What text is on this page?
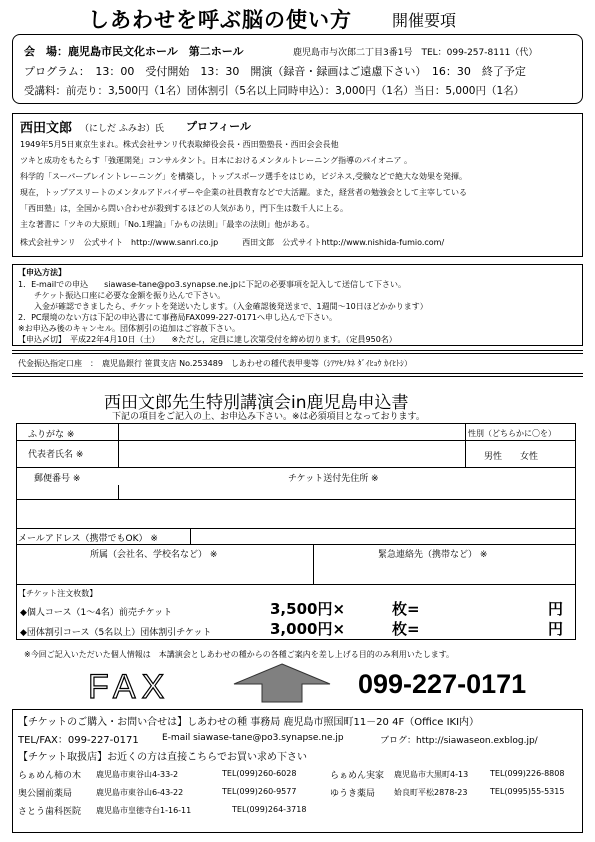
しあわせを呼ぶ脳の使い方	開催要項
会　場：鹿児島市民文化ホール　第二ホール	鹿児島市与次郎二丁目3番1号　TEL：099-257-8111（代）
プログラム：　13：00　受付開始　13：30　開演（録音・録画はご遠慮下さい）　16：30　終了予定
受講料：前売り：3,500円（1名）団体割引（5名以上同時申込）：3,000円（1名）当日：5,000円（1名）
西田文郎 （にしだ ふみお）氏 プロフィール
1949年5月5日東京生まれ。株式会社サンリ代表取締役会長・西田塾塾長・西田会会長他
ツキと成功をもたらす「強運開発」コンサルタント。日本におけるメンタルトレーニング指導のパイオニア 。
科学的「スーパーブレイントレーニング」を構築し，トップスポーツ選手をはじめ，ビジネス,受験などで絶大な効果を発揮。
現在，トップアスリートのメンタルアドバイザーや企業の社員教育などで大活躍。また，経営者の勉強会として主宰している
「西田塾」は，全国から問い合わせが殺到するほどの人気があり，門下生は数千人に上る。
主な著書に「ツキの大原則」「No.1理論」「かもの法則」「最幸の法則」他がある。
株式会社サンリ　公式サイト　http://www.sanri.co.jp　　　西田文郎　公式サイトhttp://www.nishida-fumio.com/
【申込方法】
1．E-mailでの申込　　siawase-tane@po3.synapse.ne.jpに下記の必要事項を記入して送信して下さい。
　　チケット振込口座に必要な金額を振り込んで下さい。
　　入金が確認できましたら、チケットを発送いたします。（入金確認後発送まで、1週間～10日ほどかかります）
2．PC環境のない方は下記の申込書にて事務局FAX099-227-0171へ申し込んで下さい。
※お申込み後のキャンセル。団体割引の追加はご容赦下さい。
【申込〆切】　平成22年4月10日（土）　　※ただし，定員に達し次第受付を締め切ります。（定員950名）
代金振込指定口座　：　鹿児島銀行 笹貫支店 No.253489　しあわせの種代表甲斐等（ｼｱﾜｾﾉﾀﾈ ﾀﾞｲﾋｮｳ ｶｲﾋﾄｼ）
西田文郎先生特別講演会in鹿児島申込書
下記の項目をご記入の上、お申込み下さい。※は必須項目となっております。
ふりがな ※	性別（どちらかに〇を）
代表者氏名 ※	男性 女性
郵便番号 ※	チケット送付先住所 ※
メールアドレス（携帯でもOK） ※
所属（会社名、学校名など） ※	緊急連絡先（携帯など） ※
【チケット注文枚数】
◆個人コース（1～4名）前売チケット	3,500円×	枚=	円
◆団体割引コース（5名以上）団体割引チケット	3,000円×	枚=	円
※今回ご記入いただいた個人情報は　本講演会としあわせの種からの各種ご案内を差し上げる目的のみ利用いたします。
FAX	099-227-0171
【チケットのご購入・お問い合せは】しあわせの種 事務局 鹿児島市照国町11－20 4F（Office IKI内）
TEL/FAX：099-227-0171	E-mail siawase-tane@po3.synapse.ne.jp	ブログ：http://siawaseon.exblog.jp/
【チケット取扱店】お近くの方は直接こちらでお買い求め下さい
らぁめん柿の木 鹿児島市東谷山4-33-2	TEL(099)260-6028	らぁめん実家 鹿児島市大黒町4-13	TEL(099)226-8808
奥公園前薬局	鹿児島市東谷山6-43-22	TEL(099)260-9577	ゆうき薬局 姶良町平松2878-23	TEL(0995)55-5315
さとう歯科医院 鹿児島市皇徳寺台1-16-11	TEL(099)264-3718
